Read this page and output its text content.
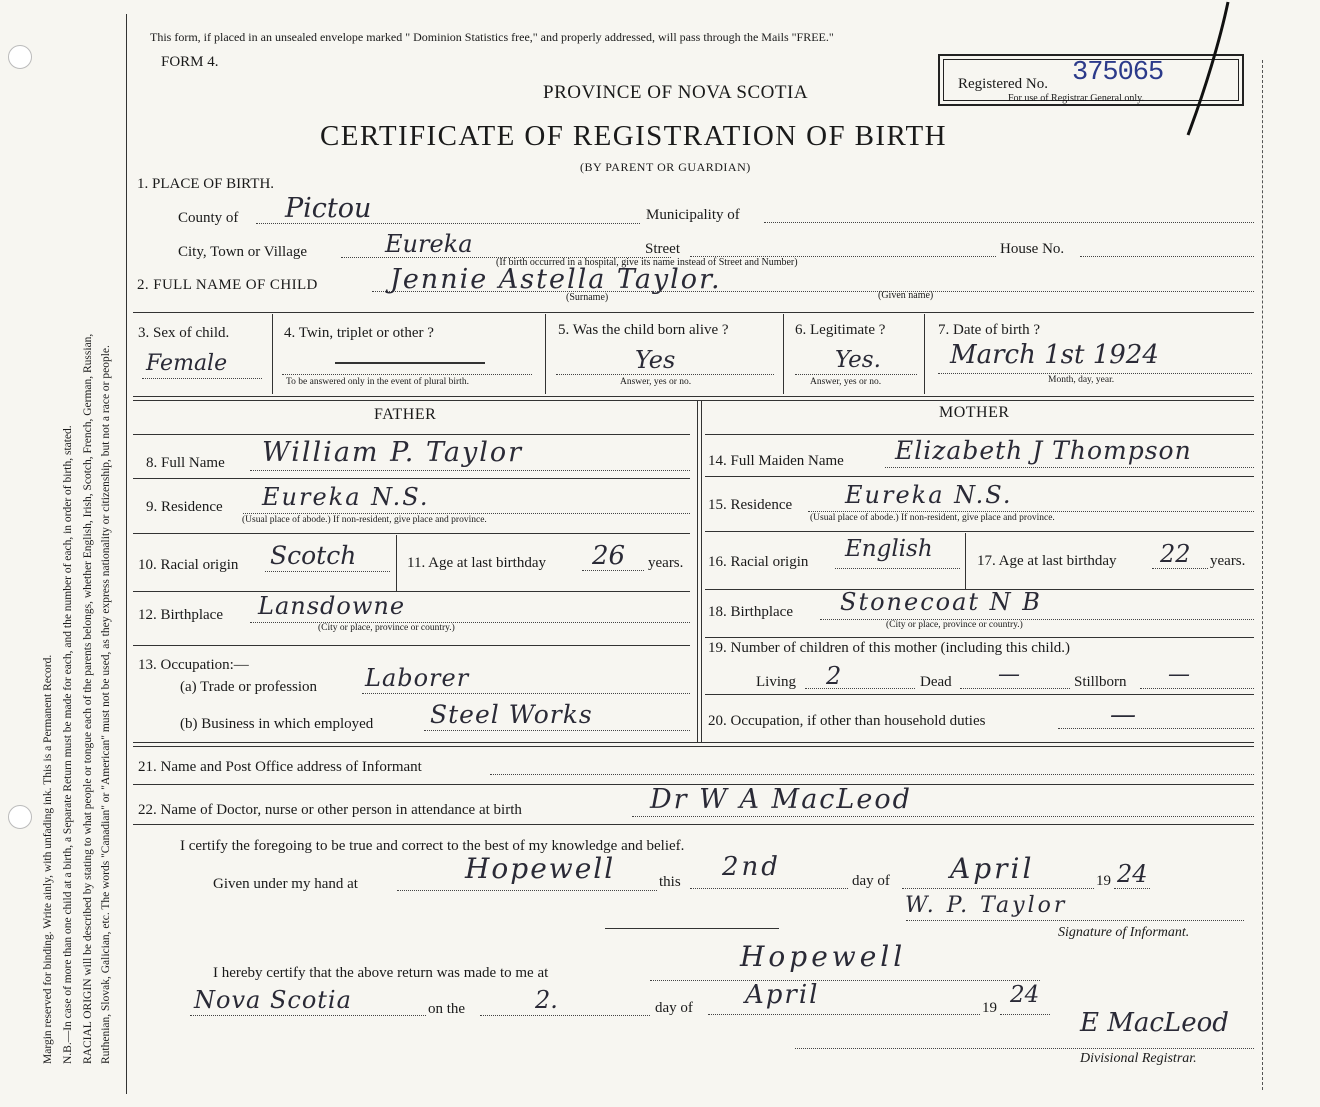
Margin reserved for binding. Write ainly, with unfading ink. This is a Permanent Record. N.B.—In case of more than one child at a birth, a Separate Return must be made for each, and the number of each, in order of birth, stated. RACIAL ORIGIN will be described by stating to what people or tongue each of the parents belongs, whether English, Irish, Scotch, French, German, Russian, Ruthenian, Slovak, Galician, etc. The words "Canadian" or "American" must not be used, as they express nationality or citizenship, but not a race or people.
This form, if placed in an unsealed envelope marked " Dominion Statistics free," and properly addressed, will pass through the Mails "FREE."
FORM 4.
PROVINCE OF NOVA SCOTIA
CERTIFICATE OF REGISTRATION OF BIRTH
(BY PARENT OR GUARDIAN)
Registered No. 375065
For use of Registrar General only.
1. PLACE OF BIRTH.
County of Pictou	Municipality of
City, Town or Village	Eureka	Street	House No.
(If birth occurred in a hospital, give its name instead of Street and Number)
2. FULL NAME OF CHILD	Jennie Astella Taylor.
(Surname)	(Given name)
3. Sex of child.
Female
4. Twin, triplet or other ?
To be answered only in the event of plural birth.
5. Was the child born alive ?
Yes
Answer, yes or no.
6. Legitimate ?
Yes.
Answer, yes or no.
7. Date of birth ?
March 1st 1924
Month, day, year.
FATHER	MOTHER
8. Full Name William P. Taylor
9. Residence Eureka N.S.
(Usual place of abode.) If non-resident, give place and province.
10. Racial origin Scotch	11. Age at last birthday 26 years.
12. Birthplace Lansdowne
(City or place, province or country.)
13. Occupation:—
(a) Trade or profession Laborer
(b) Business in which employed Steel Works
14. Full Maiden Name Elizabeth J Thompson
15. Residence Eureka N.S.
(Usual place of abode.) If non-resident, give place and province.
16. Racial origin English	17. Age at last birthday 22 years.
18. Birthplace Stonecoat N B
(City or place, province or country.)
19. Number of children of this mother (including this child.)
Living 2	Dead —	Stillborn —
20. Occupation, if other than household duties	—
21. Name and Post Office address of Informant
22. Name of Doctor, nurse or other person in attendance at birth	Dr W A MacLeod
I certify the foregoing to be true and correct to the best of my knowledge and belief.
Given under my hand at	Hopewell	this 2nd	day of April	19 24
W. P. Taylor
Signature of Informant.
I hereby certify that the above return was made to me at	Hopewell
Nova Scotia	on the	2.	day of April	19 24
E MacLeod
Divisional Registrar.
